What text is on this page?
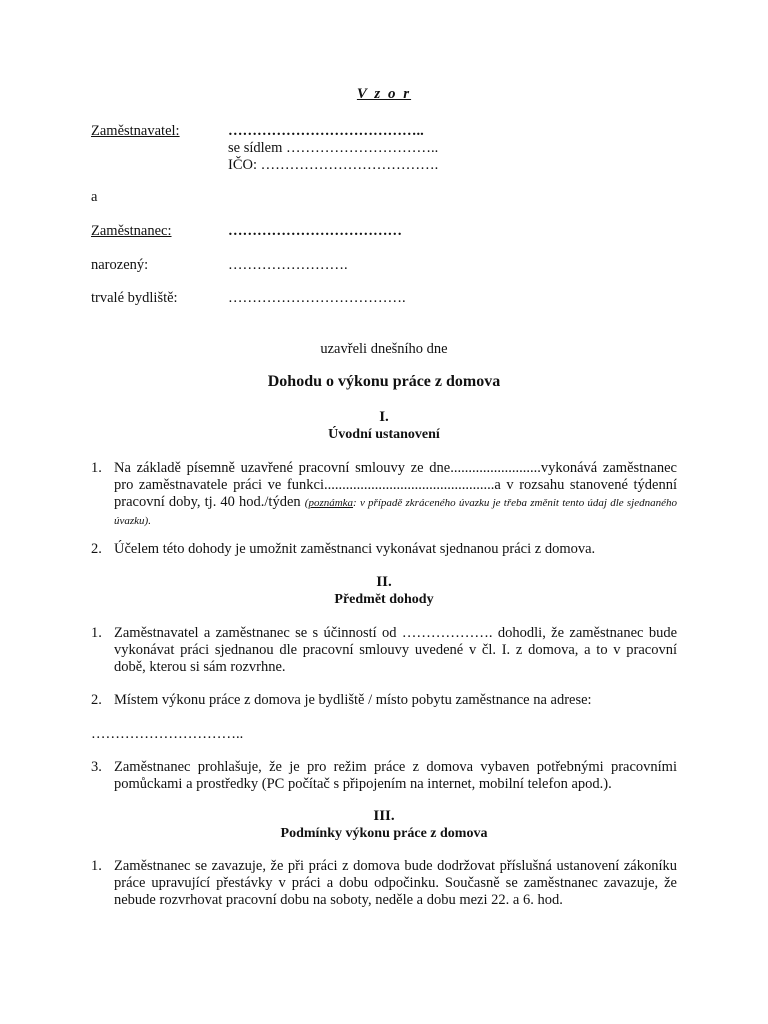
V z o r
Zaměstnavatel:	…………………………………..
se sídlem …………………………..
IČO: ……………………………….
a
Zaměstnanec:	………………………………
narozený:	…………………….
trvalé bydliště:	……………………………….
uzavřeli dnešního dne
Dohodu o výkonu práce z domova
I.
Úvodní ustanovení
1. Na základě písemně uzavřené pracovní smlouvy ze dne.........................vykonává zaměstnanec pro zaměstnavatele práci ve funkci...............................................a v rozsahu stanovené týdenní pracovní doby, tj. 40 hod./týden (poznámka: v případě zkráceného úvazku je třeba změnit tento údaj dle sjednaného úvazku).
2. Účelem této dohody je umožnit zaměstnanci vykonávat sjednanou práci z domova.
II.
Předmět dohody
1. Zaměstnavatel a zaměstnanec se s účinností od ………………. dohodli, že zaměstnanec bude vykonávat práci sjednanou dle pracovní smlouvy uvedené v čl. I. z domova, a to v pracovní době, kterou si sám rozvrhne.
2. Místem výkonu práce z domova je bydliště / místo pobytu zaměstnance na adrese:
…………………………..
3. Zaměstnanec prohlašuje, že je pro režim práce z domova vybaven potřebnými pracovními pomůckami a prostředky (PC počítač s připojením na internet, mobilní telefon apod.).
III.
Podmínky výkonu práce z domova
1. Zaměstnanec se zavazuje, že při práci z domova bude dodržovat příslušná ustanovení zákoníku práce upravující přestávky v práci a dobu odpočinku. Současně se zaměstnanec zavazuje, že nebude rozvrhovat pracovní dobu na soboty, neděle a dobu mezi 22. a 6. hod.
